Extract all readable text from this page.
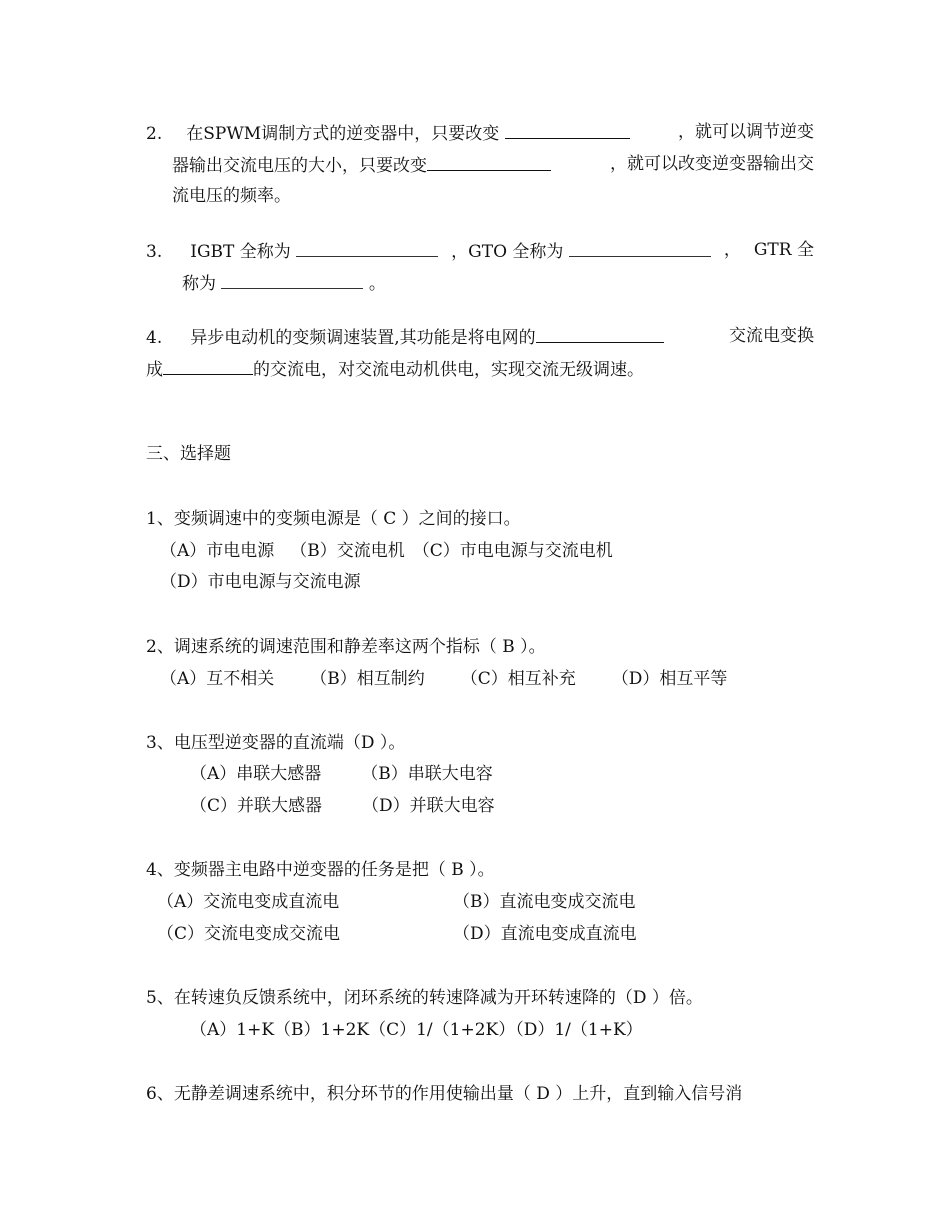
2. 在SPWM调制方式的逆变器中，只要改变	，就可以调节逆变
器输出交流电压的大小，只要改变	，就可以改变逆变器输出交
流电压的频率。
3. IGBT 全称为	，GTO 全称为	， GTR 全
称为	。
4. 异步电动机的变频调速装置,其功能是将电网的	交流电变换
成	的交流电，对交流电动机供电，实现交流无级调速。
三、选择题
1、变频调速中的变频电源是（ C ）之间的接口。
（A）市电电源 （B）交流电机 （C）市电电源与交流电机
（D）市电电源与交流电源
2、调速系统的调速范围和静差率这两个指标（ B ）。
（A）互不相关 （B）相互制约 （C）相互补充 （D）相互平等
3、电压型逆变器的直流端（D ）。
（A）串联大感器 （B）串联大电容
（C）并联大感器 （D）并联大电容
4、变频器主电路中逆变器的任务是把（ B ）。
（A）交流电变成直流电	（B）直流电变成交流电
（C）交流电变成交流电	（D）直流电变成直流电
5、在转速负反馈系统中，闭环系统的转速降减为开环转速降的（D ）倍。
（A）1+K（B）1+2K（C）1/（1+2K）（D）1/（1+K）
6、无静差调速系统中，积分环节的作用使输出量（ D ）上升，直到输入信号消
